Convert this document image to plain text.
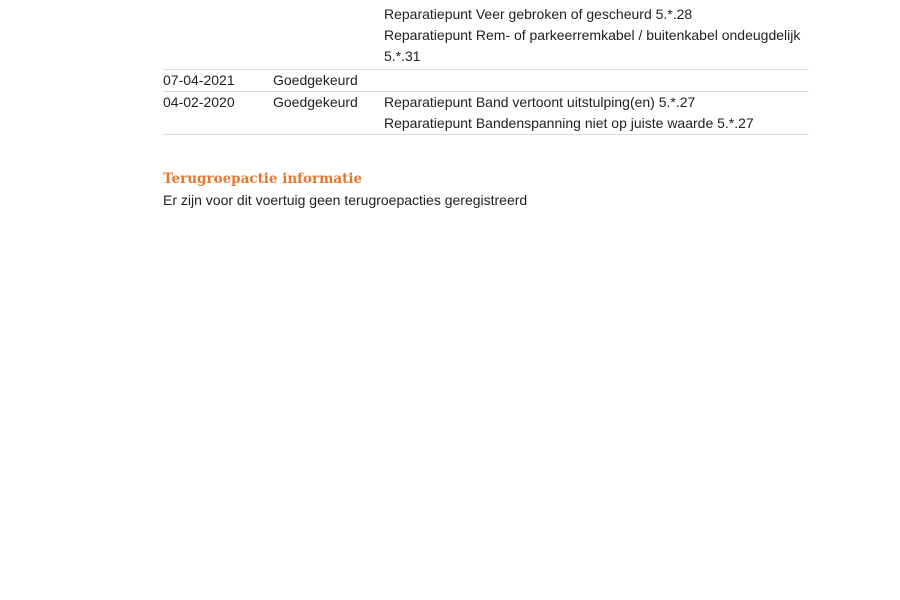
Reparatiepunt Veer gebroken of gescheurd 5.*.28
Reparatiepunt Rem- of parkeerremkabel / buitenkabel ondeugdelijk 5.*.31
07-04-2021	Goedgekeurd
04-02-2020	Goedgekeurd Reparatiepunt Band vertoont uitstulping(en) 5.*.27
Reparatiepunt Bandenspanning niet op juiste waarde 5.*.27
Terugroepactie informatie
Er zijn voor dit voertuig geen terugroepacties geregistreerd
